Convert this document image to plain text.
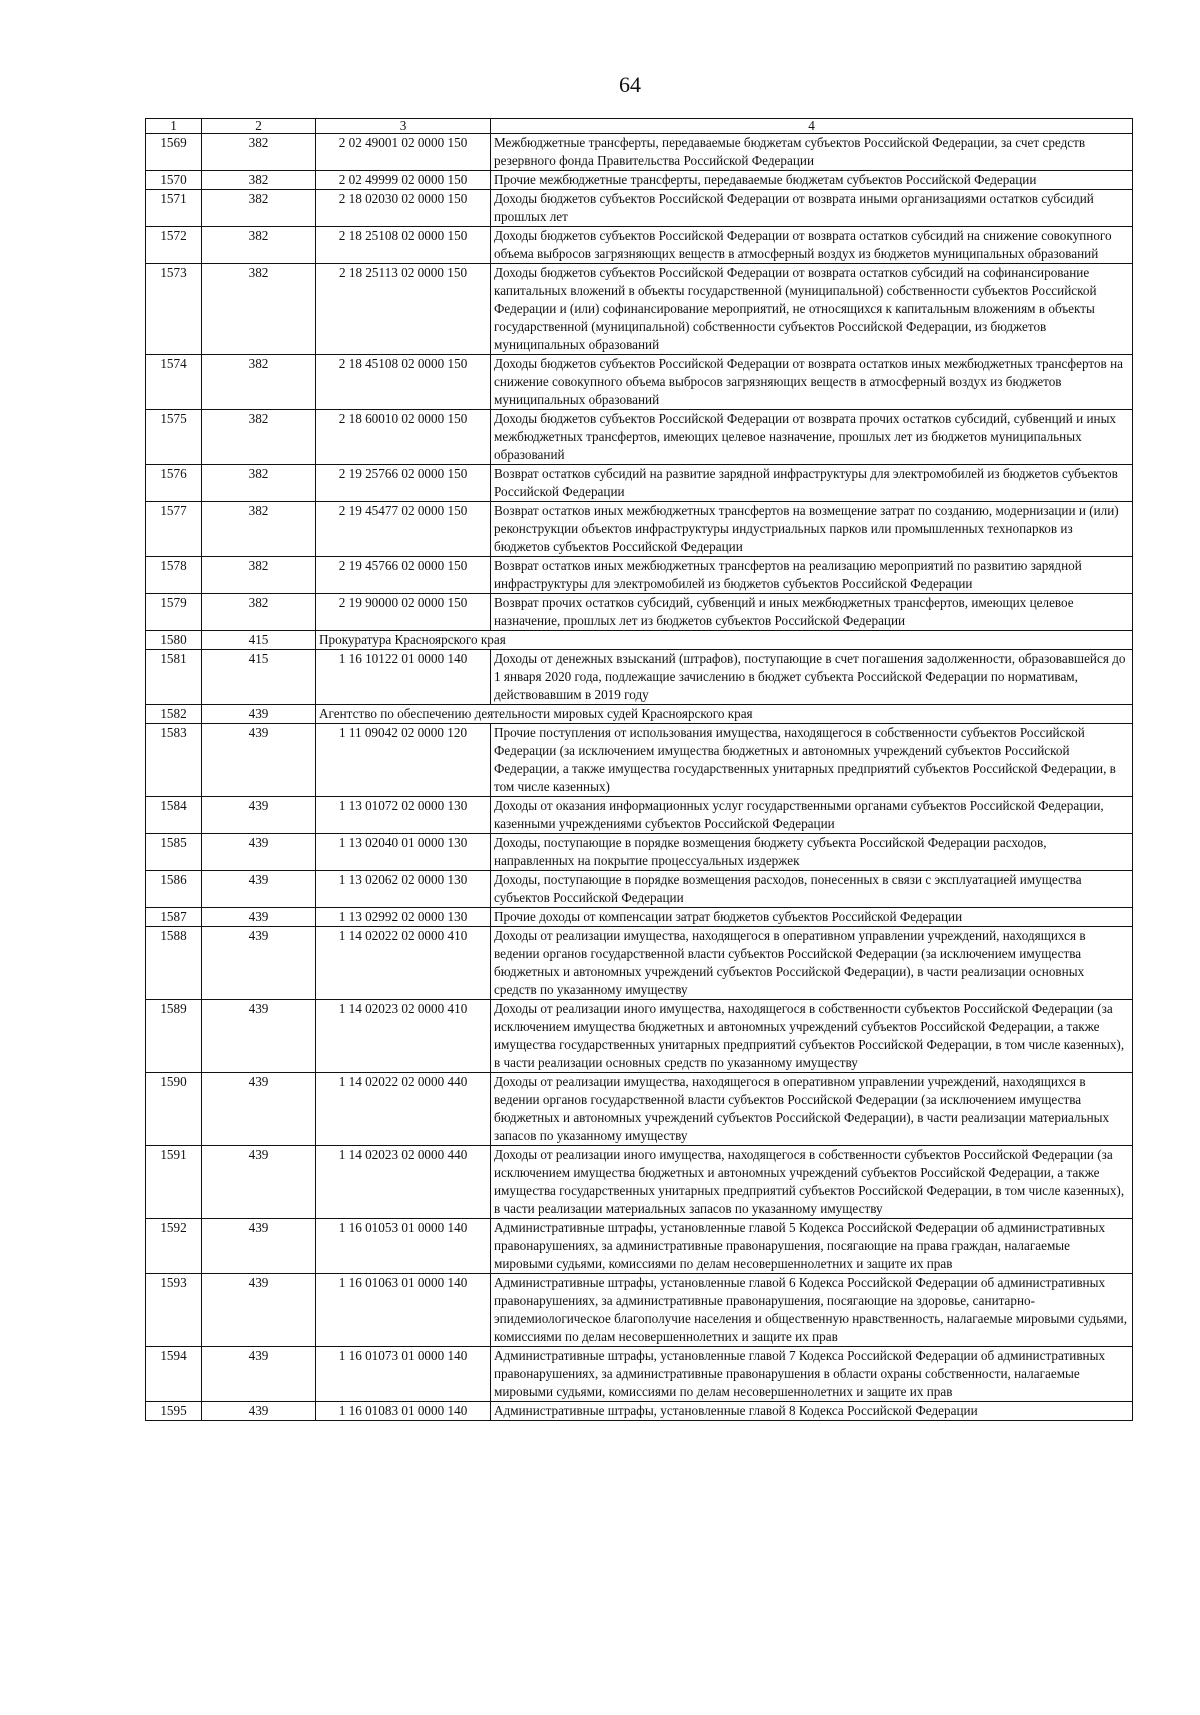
64
1	2	3	4
1569	382	2 02 49001 02 0000 150	Межбюджетные трансферты, передаваемые бюджетам субъектов Российской Федерации, за счет средств резервного фонда Правительства Российской Федерации
1570	382	2 02 49999 02 0000 150	Прочие межбюджетные трансферты, передаваемые бюджетам субъектов Российской Федерации
1571	382	2 18 02030 02 0000 150	Доходы бюджетов субъектов Российской Федерации от возврата иными организациями остатков субсидий прошлых лет
1572	382	2 18 25108 02 0000 150	Доходы бюджетов субъектов Российской Федерации от возврата остатков субсидий на снижение совокупного объема выбросов загрязняющих веществ в атмосферный воздух из бюджетов муниципальных образований
1573	382	2 18 25113 02 0000 150	Доходы бюджетов субъектов Российской Федерации от возврата остатков субсидий на софинансирование капитальных вложений в объекты государственной (муниципальной) собственности субъектов Российской Федерации и (или) софинансирование мероприятий, не относящихся к капитальным вложениям в объекты государственной (муниципальной) собственности субъектов Российской Федерации, из бюджетов муниципальных образований
1574	382	2 18 45108 02 0000 150	Доходы бюджетов субъектов Российской Федерации от возврата остатков иных межбюджетных трансфертов на снижение совокупного объема выбросов загрязняющих веществ в атмосферный воздух из бюджетов муниципальных образований
1575	382	2 18 60010 02 0000 150	Доходы бюджетов субъектов Российской Федерации от возврата прочих остатков субсидий, субвенций и иных межбюджетных трансфертов, имеющих целевое назначение, прошлых лет из бюджетов муниципальных образований
1576	382	2 19 25766 02 0000 150	Возврат остатков субсидий на развитие зарядной инфраструктуры для электромобилей из бюджетов субъектов Российской Федерации
1577	382	2 19 45477 02 0000 150	Возврат остатков иных межбюджетных трансфертов на возмещение затрат по созданию, модернизации и (или) реконструкции объектов инфраструктуры индустриальных парков или промышленных технопарков из бюджетов субъектов Российской Федерации
1578	382	2 19 45766 02 0000 150	Возврат остатков иных межбюджетных трансфертов на реализацию мероприятий по развитию зарядной инфраструктуры для электромобилей из бюджетов субъектов Российской Федерации
1579	382	2 19 90000 02 0000 150	Возврат прочих остатков субсидий, субвенций и иных межбюджетных трансфертов, имеющих целевое назначение, прошлых лет из бюджетов субъектов Российской Федерации
1580	415	Прокуратура Красноярского края	
1581	415	1 16 10122 01 0000 140	Доходы от денежных взысканий (штрафов), поступающие в счет погашения задолженности, образовавшейся до 1 января 2020 года, подлежащие зачислению в бюджет субъекта Российской Федерации по нормативам, действовавшим в 2019 году
1582	439	Агентство по обеспечению деятельности мировых судей Красноярского края	
1583	439	1 11 09042 02 0000 120	Прочие поступления от использования имущества, находящегося в собственности субъектов Российской Федерации (за исключением имущества бюджетных и автономных учреждений субъектов Российской Федерации, а также имущества государственных унитарных предприятий субъектов Российской Федерации, в том числе казенных)
1584	439	1 13 01072 02 0000 130	Доходы от оказания информационных услуг государственными органами субъектов Российской Федерации, казенными учреждениями субъектов Российской Федерации
1585	439	1 13 02040 01 0000 130	Доходы, поступающие в порядке возмещения бюджету субъекта Российской Федерации расходов, направленных на покрытие процессуальных издержек
1586	439	1 13 02062 02 0000 130	Доходы, поступающие в порядке возмещения расходов, понесенных в связи с эксплуатацией имущества субъектов Российской Федерации
1587	439	1 13 02992 02 0000 130	Прочие доходы от компенсации затрат бюджетов субъектов Российской Федерации
1588	439	1 14 02022 02 0000 410	Доходы от реализации имущества, находящегося в оперативном управлении учреждений, находящихся в ведении органов государственной власти субъектов Российской Федерации (за исключением имущества бюджетных и автономных учреждений субъектов Российской Федерации), в части реализации основных средств по указанному имуществу
1589	439	1 14 02023 02 0000 410	Доходы от реализации иного имущества, находящегося в собственности субъектов Российской Федерации (за исключением имущества бюджетных и автономных учреждений субъектов Российской Федерации, а также имущества государственных унитарных предприятий субъектов Российской Федерации, в том числе казенных), в части реализации основных средств по указанному имуществу
1590	439	1 14 02022 02 0000 440	Доходы от реализации имущества, находящегося в оперативном управлении учреждений, находящихся в ведении органов государственной власти субъектов Российской Федерации (за исключением имущества бюджетных и автономных учреждений субъектов Российской Федерации), в части реализации материальных запасов по указанному имуществу
1591	439	1 14 02023 02 0000 440	Доходы от реализации иного имущества, находящегося в собственности субъектов Российской Федерации (за исключением имущества бюджетных и автономных учреждений субъектов Российской Федерации, а также имущества государственных унитарных предприятий субъектов Российской Федерации, в том числе казенных), в части реализации материальных запасов по указанному имуществу
1592	439	1 16 01053 01 0000 140	Административные штрафы, установленные главой 5 Кодекса Российской Федерации об административных правонарушениях, за административные правонарушения, посягающие на права граждан, налагаемые мировыми судьями, комиссиями по делам несовершеннолетних и защите их прав
1593	439	1 16 01063 01 0000 140	Административные штрафы, установленные главой 6 Кодекса Российской Федерации об административных правонарушениях, за административные правонарушения, посягающие на здоровье, санитарно-эпидемиологическое благополучие населения и общественную нравственность, налагаемые мировыми судьями, комиссиями по делам несовершеннолетних и защите их прав
1594	439	1 16 01073 01 0000 140	Административные штрафы, установленные главой 7 Кодекса Российской Федерации об административных правонарушениях, за административные правонарушения в области охраны собственности, налагаемые мировыми судьями, комиссиями по делам несовершеннолетних и защите их прав
1595	439	1 16 01083 01 0000 140	Административные штрафы, установленные главой 8 Кодекса Российской Федерации
